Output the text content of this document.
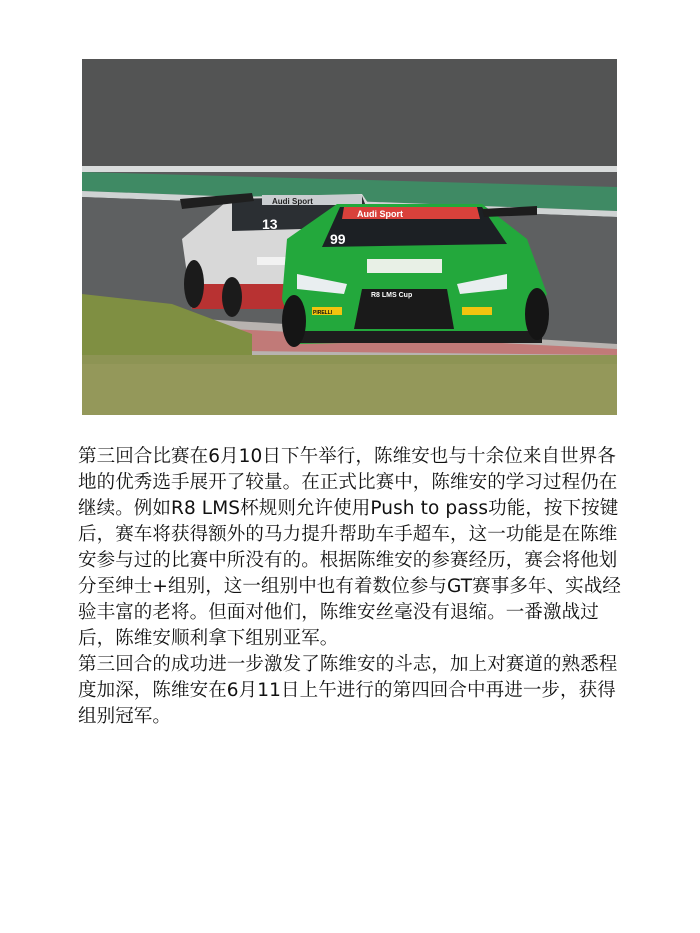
Audi Sport
13
Audi Sport
99
R8 LMS Cup
PIRELLI

第三回合比赛在6月10日下午举行，陈维安也与十余位来自世界各地的优秀选手展开了较量。在正式比赛中，陈维安的学习过程仍在继续。例如R8 LMS杯规则允许使用Push to pass功能，按下按键后，赛车将获得额外的马力提升帮助车手超车，这一功能是在陈维安参与过的比赛中所没有的。根据陈维安的参赛经历，赛会将他划分至绅士+组别，这一组别中也有着数位参与GT赛事多年、实战经验丰富的老将。但面对他们，陈维安丝毫没有退缩。一番激战过后，陈维安顺利拿下组别亚军。

第三回合的成功进一步激发了陈维安的斗志，加上对赛道的熟悉程度加深，陈维安在6月11日上午进行的第四回合中再进一步，获得组别冠军。
